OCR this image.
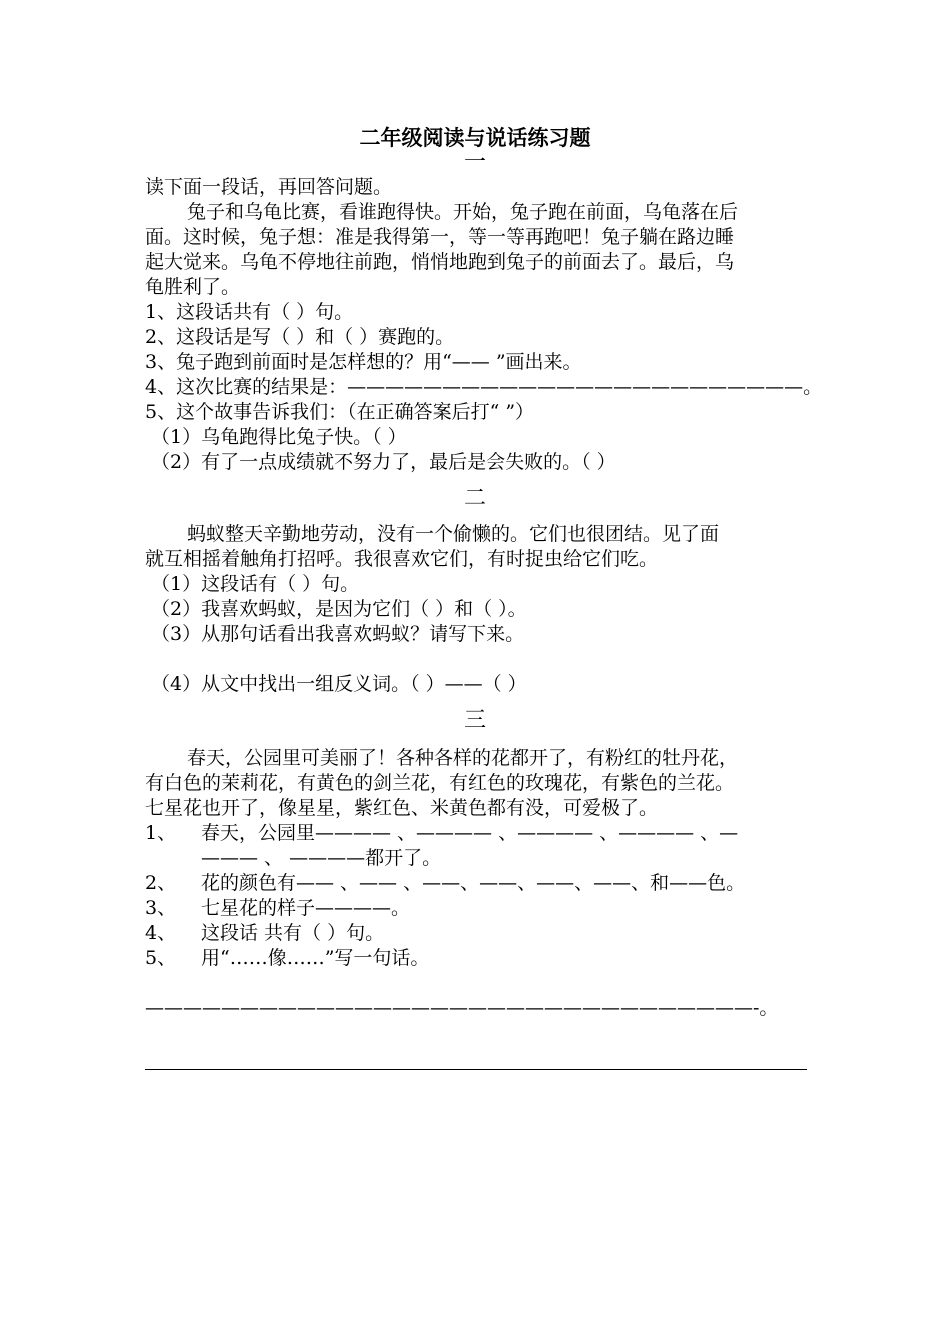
二年级阅读与说话练习题
一
读下面一段话，再回答问题。
兔子和乌龟比赛，看谁跑得快。开始，兔子跑在前面，乌龟落在后
面。这时候，兔子想：准是我得第一，等一等再跑吧！兔子躺在路边睡
起大觉来。乌龟不停地往前跑，悄悄地跑到兔子的前面去了。最后，乌
龟胜利了。
1、这段话共有（ ）句。
2、这段话是写（ ）和（ ）赛跑的。
3、兔子跑到前面时是怎样想的？用“—— ”画出来。
4、这次比赛的结果是：————————————————————————。
5、这个故事告诉我们：（在正确答案后打“ ”）
（1）乌龟跑得比兔子快。（ ）
（2）有了一点成绩就不努力了，最后是会失败的。（ ）
二
蚂蚁整天辛勤地劳动，没有一个偷懒的。它们也很团结。见了面
就互相摇着触角打招呼。我很喜欢它们，有时捉虫给它们吃。
（1）这段话有（ ）句。
（2）我喜欢蚂蚁，是因为它们（ ）和（ ）。
（3）从那句话看出我喜欢蚂蚁？请写下来。
（4）从文中找出一组反义词。（ ）——（ ）
三
春天，公园里可美丽了！各种各样的花都开了，有粉红的牡丹花，
有白色的茉莉花，有黄色的剑兰花，有红色的玫瑰花，有紫色的兰花。
七星花也开了，像星星，紫红色、米黄色都有没，可爱极了。
1、	春天，公园里———— 、———— 、———— 、———— 、—
——— 、 ————都开了。
2、	花的颜色有—— 、—— 、——、——、——、——、和——色。
3、	七星花的样子————。
4、	这段话 共有（ ）句。
5、	用“……像……”写一句话。
————————————————————————————————-。
